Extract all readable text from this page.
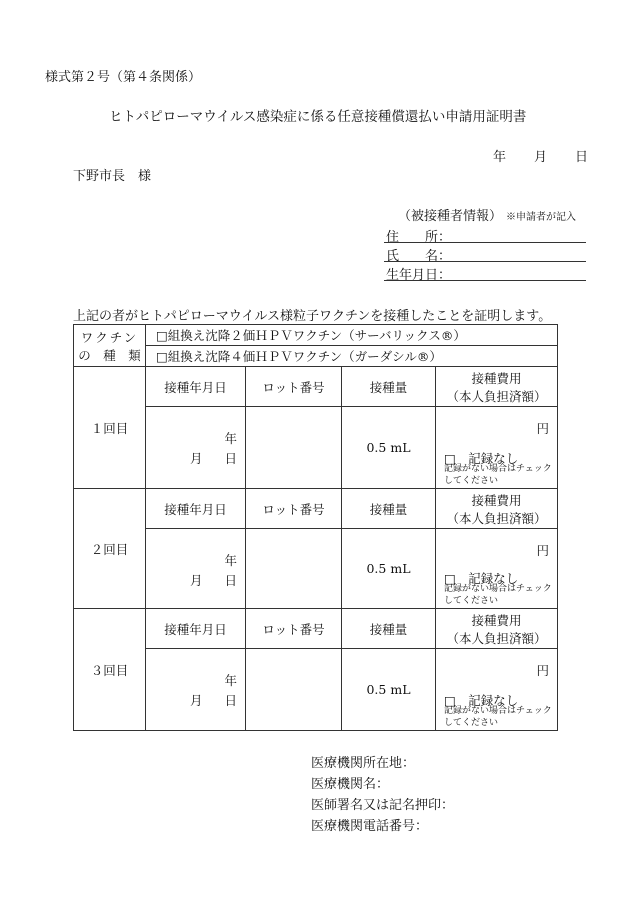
様式第２号（第４条関係）
ヒトパピローマウイルス感染症に係る任意接種償還払い申請用証明書
年 月 日
下野市長　様
（被接種者情報） ※申請者が記入
住　　所：
氏　　名：
生年月日：
上記の者がヒトパピローマウイルス様粒子ワクチンを接種したことを証明します。
ワクチン
の　種　類	□組換え沈降２価ＨＰＶワクチン（サーバリックス®）			
	□組換え沈降４価ＨＰＶワクチン（ガーダシル®）			
１回目	接種年月日	ロット番号	接種量	接種費用
（本人負担済額）

	年
月 日		0.5 mL	円
□　記録なし
記録がない場合はチェックしてください

２回目	接種年月日	ロット番号	接種量	接種費用
（本人負担済額）

	年
月 日		0.5 mL	円
□　記録なし
記録がない場合はチェックしてください

３回目	接種年月日	ロット番号	接種量	接種費用
（本人負担済額）

	年
月 日		0.5 mL	円
□　記録なし
記録がない場合はチェックしてください
医療機関所在地：
医療機関名：
医師署名又は記名押印：
医療機関電話番号：
